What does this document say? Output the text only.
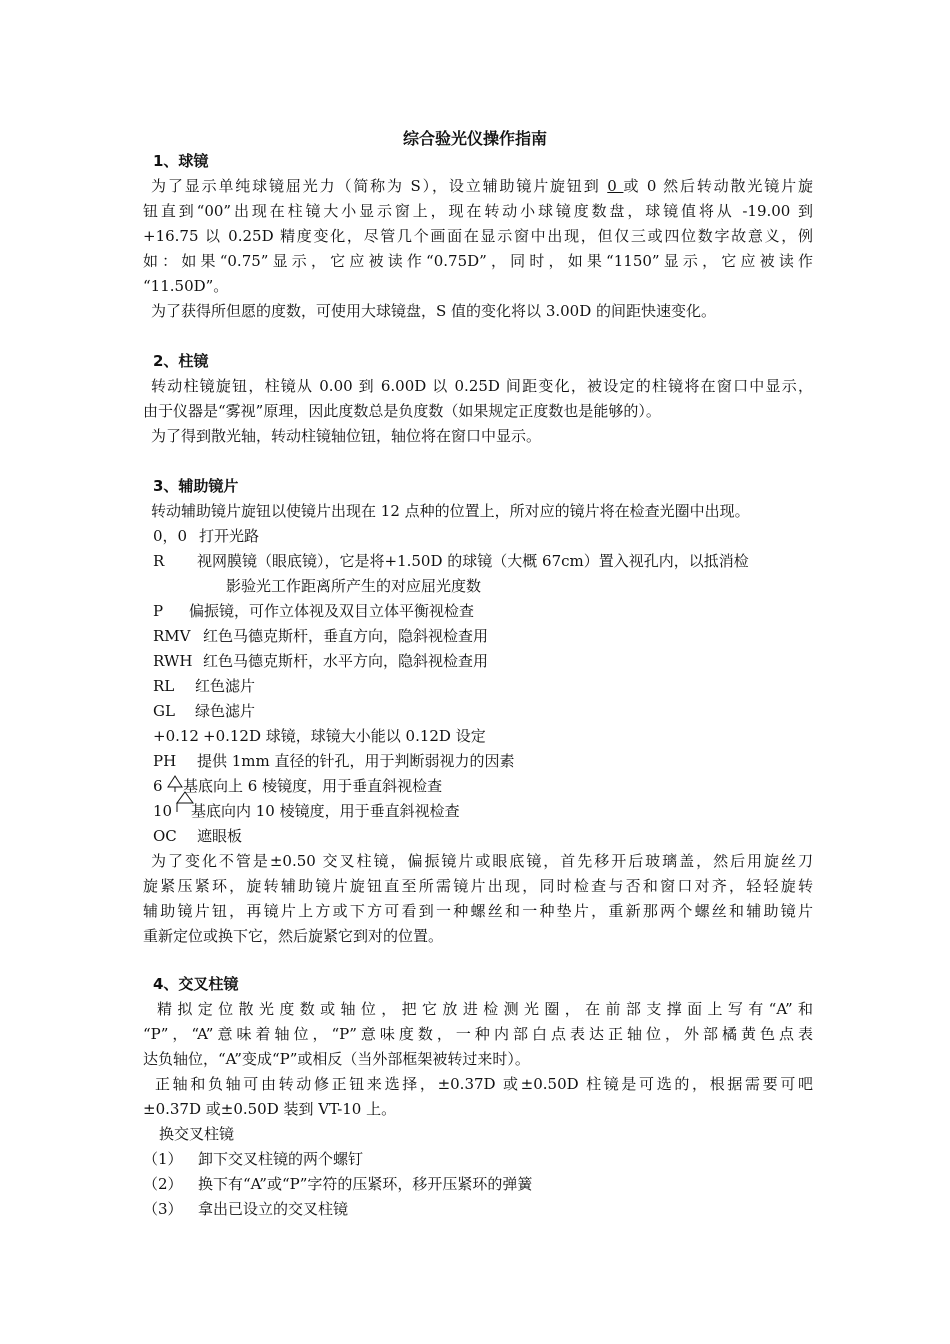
综合验光仪操作指南
1、球镜
为了显示单纯球镜屈光力（简称为 S），设立辅助镜片旋钮到 0 或 0 然后转动散光镜片旋
钮直到“00”出现在柱镜大小显示窗上，现在转动小球镜度数盘，球镜值将从 -19.00 到
+16.75 以 0.25D 精度变化，尽管几个画面在显示窗中出现，但仅三或四位数字故意义，例
如：如果“0.75”显示，它应被读作“0.75D”，同时，如果“1150”显示，它应被读作
“11.50D”。
为了获得所但愿的度数，可使用大球镜盘，S 值的变化将以 3.00D 的间距快速变化。
2、柱镜
转动柱镜旋钮，柱镜从 0.00 到 6.00D 以 0.25D 间距变化，被设定的柱镜将在窗口中显示，
由于仪器是“雾视”原理，因此度数总是负度数（如果规定正度数也是能够的）。
为了得到散光轴，转动柱镜轴位钮，轴位将在窗口中显示。
3、辅助镜片
转动辅助镜片旋钮以使镜片出现在 12 点种的位置上，所对应的镜片将在检查光圈中出现。
0，0 打开光路
R 视网膜镜（眼底镜），它是将+1.50D 的球镜（大概 67cm）置入视孔内，以抵消检
影验光工作距离所产生的对应屈光度数
P 偏振镜，可作立体视及双目立体平衡视检查
RMV 红色马德克斯杆，垂直方向，隐斜视检查用
RWH 红色马德克斯杆，水平方向，隐斜视检查用
RL 红色滤片
GL 绿色滤片
+0.12 +0.12D 球镜，球镜大小能以 0.12D 设定
PH 提供 1mm 直径的针孔，用于判断弱视力的因素
6 基底向上 6 棱镜度，用于垂直斜视检查
10 基底向内 10 棱镜度，用于垂直斜视检查
OC 遮眼板
为了变化不管是±0.50 交叉柱镜，偏振镜片或眼底镜，首先移开后玻璃盖，然后用旋丝刀
旋紧压紧环，旋转辅助镜片旋钮直至所需镜片出现，同时检查与否和窗口对齐，轻轻旋转
辅助镜片钮，再镜片上方或下方可看到一种螺丝和一种垫片，重新那两个螺丝和辅助镜片
重新定位或换下它，然后旋紧它到对的位置。
4、交叉柱镜
精拟定位散光度数或轴位，把它放进检测光圈，在前部支撑面上写有“A”和
“P”，“A”意味着轴位，“P”意味度数，一种内部白点表达正轴位，外部橘黄色点表
达负轴位，“A”变成“P”或相反（当外部框架被转过来时）。
正轴和负轴可由转动修正钮来选择，±0.37D 或±0.50D 柱镜是可选的，根据需要可吧
±0.37D 或±0.50D 装到 VT-10 上。
换交叉柱镜
（1） 卸下交叉柱镜的两个螺钉
（2） 换下有“A”或“P”字符的压紧环，移开压紧环的弹簧
（3） 拿出已设立的交叉柱镜
